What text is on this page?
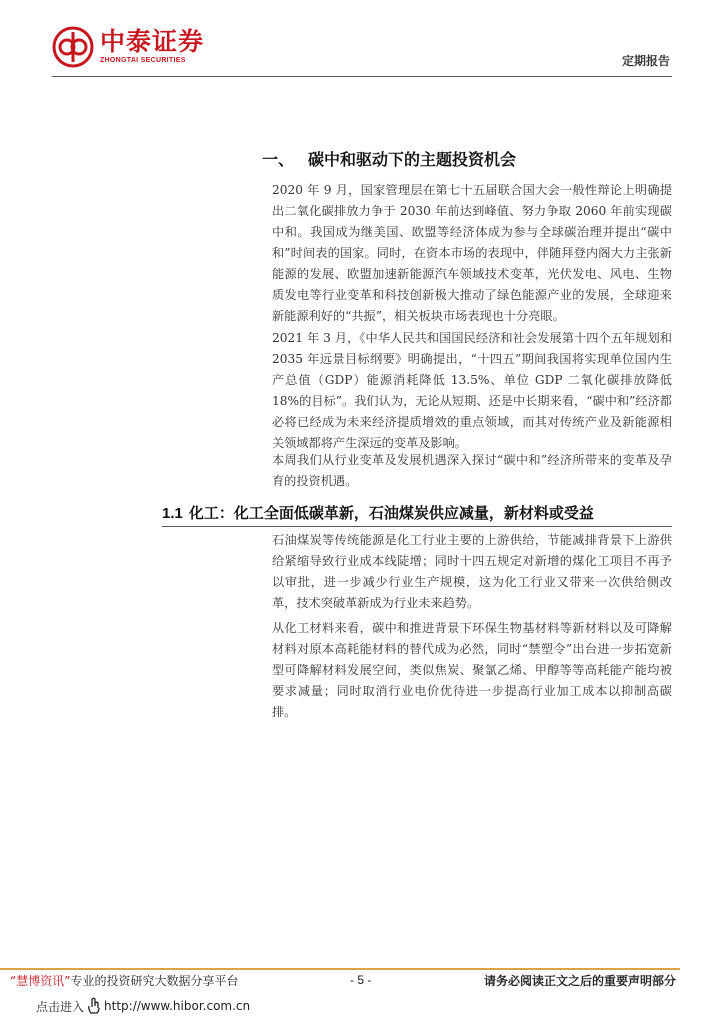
中泰证券
ZHONGTAI SECURITIES	定期报告
一、 碳中和驱动下的主题投资机会
2020 年 9 月，国家管理层在第七十五届联合国大会一般性辩论上明确提出二氧化碳排放力争于 2030 年前达到峰值、努力争取 2060 年前实现碳中和。我国成为继美国、欧盟等经济体成为参与全球碳治理并提出“碳中和”时间表的国家。同时，在资本市场的表现中，伴随拜登内阁大力主张新能源的发展、欧盟加速新能源汽车领域技术变革，光伏发电、风电、生物质发电等行业变革和科技创新极大推动了绿色能源产业的发展，全球迎来新能源利好的“共振”，相关板块市场表现也十分亮眼。
2021 年 3 月，《中华人民共和国国民经济和社会发展第十四个五年规划和 2035 年远景目标纲要》明确提出，“十四五”期间我国将实现单位国内生产总值（GDP）能源消耗降低 13.5%、单位 GDP 二氧化碳排放降低 18%的目标”。我们认为，无论从短期、还是中长期来看，“碳中和”经济都必将已经成为未来经济提质增效的重点领域，而其对传统产业及新能源相关领域都将产生深远的变革及影响。
本周我们从行业变革及发展机遇深入探讨“碳中和”经济所带来的变革及孕育的投资机遇。
1.1 化工：化工全面低碳革新，石油煤炭供应减量，新材料或受益
石油煤炭等传统能源是化工行业主要的上游供给，节能减排背景下上游供给紧缩导致行业成本线陡增；同时十四五规定对新增的煤化工项目不再予以审批，进一步减少行业生产规模，这为化工行业又带来一次供给侧改革，技术突破革新成为行业未来趋势。
从化工材料来看，碳中和推进背景下环保生物基材料等新材料以及可降解材料对原本高耗能材料的替代成为必然，同时“禁塑令”出台进一步拓宽新型可降解材料发展空间，类似焦炭、聚氯乙烯、甲醇等等高耗能产能均被要求减量；同时取消行业电价优待进一步提高行业加工成本以抑制高碳排。
“慧博资讯”专业的投资研究大数据分享平台	- 5 -	请务必阅读正文之后的重要声明部分
点击进入 http://www.hibor.com.cn
